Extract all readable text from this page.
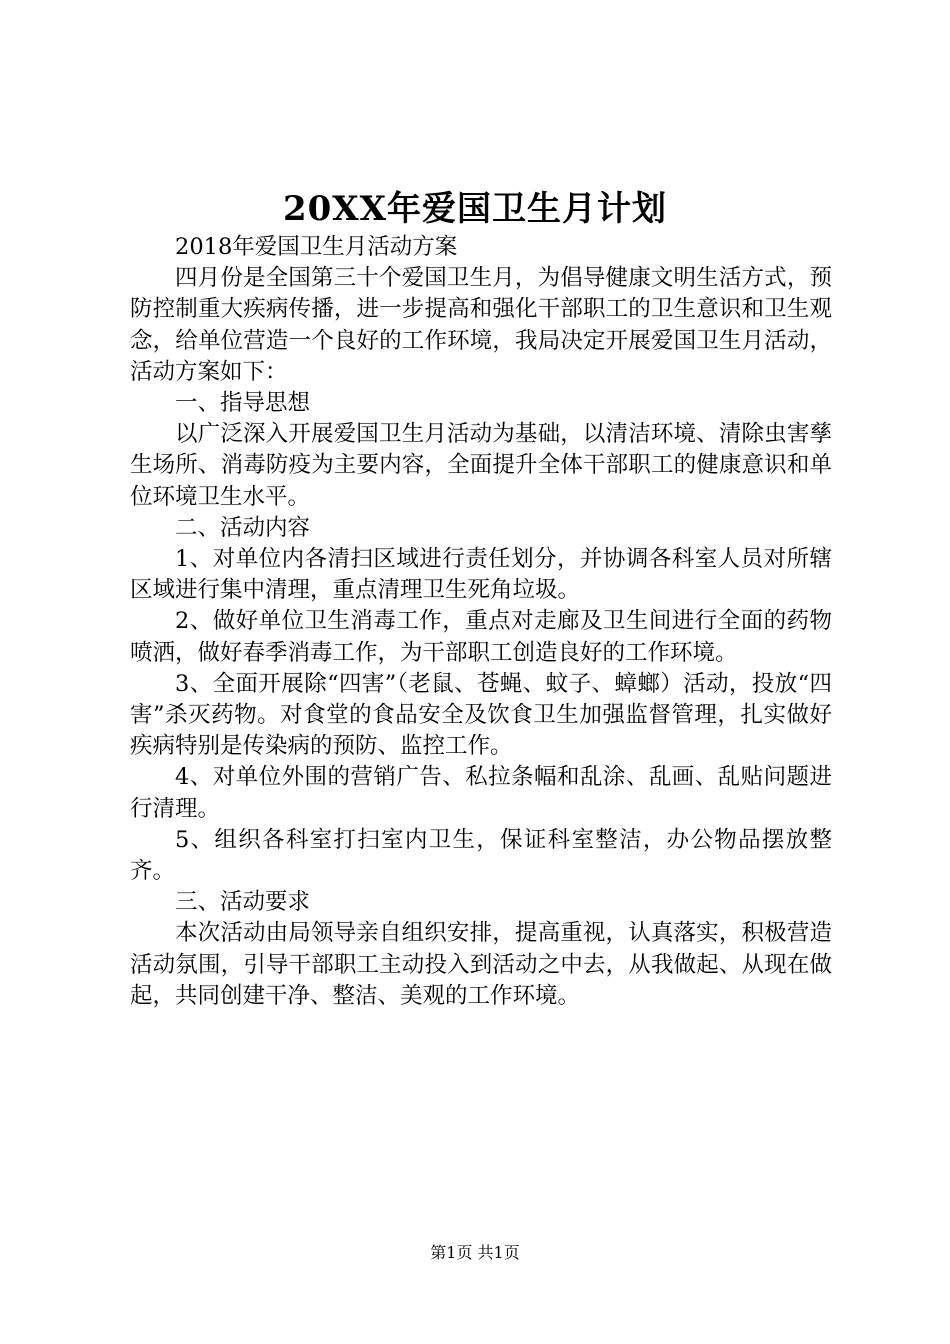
20XX年爱国卫生月计划

2018年爱国卫生月活动方案

四月份是全国第三十个爱国卫生月，为倡导健康文明生活方式，预防控制重大疾病传播，进一步提高和强化干部职工的卫生意识和卫生观念，给单位营造一个良好的工作环境，我局决定开展爱国卫生月活动，活动方案如下：

一、指导思想

以广泛深入开展爱国卫生月活动为基础，以清洁环境、清除虫害孳生场所、消毒防疫为主要内容，全面提升全体干部职工的健康意识和单位环境卫生水平。

二、活动内容

1、对单位内各清扫区域进行责任划分，并协调各科室人员对所辖区域进行集中清理，重点清理卫生死角垃圾。

2、做好单位卫生消毒工作，重点对走廊及卫生间进行全面的药物喷洒，做好春季消毒工作，为干部职工创造良好的工作环境。

3、全面开展除“四害”（老鼠、苍蝇、蚊子、蟑螂）活动，投放“四害”杀灭药物。对食堂的食品安全及饮食卫生加强监督管理，扎实做好疾病特别是传染病的预防、监控工作。

4、对单位外围的营销广告、私拉条幅和乱涂、乱画、乱贴问题进行清理。

5、组织各科室打扫室内卫生，保证科室整洁，办公物品摆放整齐。

三、活动要求

本次活动由局领导亲自组织安排，提高重视，认真落实，积极营造活动氛围，引导干部职工主动投入到活动之中去，从我做起、从现在做起，共同创建干净、整洁、美观的工作环境。

第1页 共1页
